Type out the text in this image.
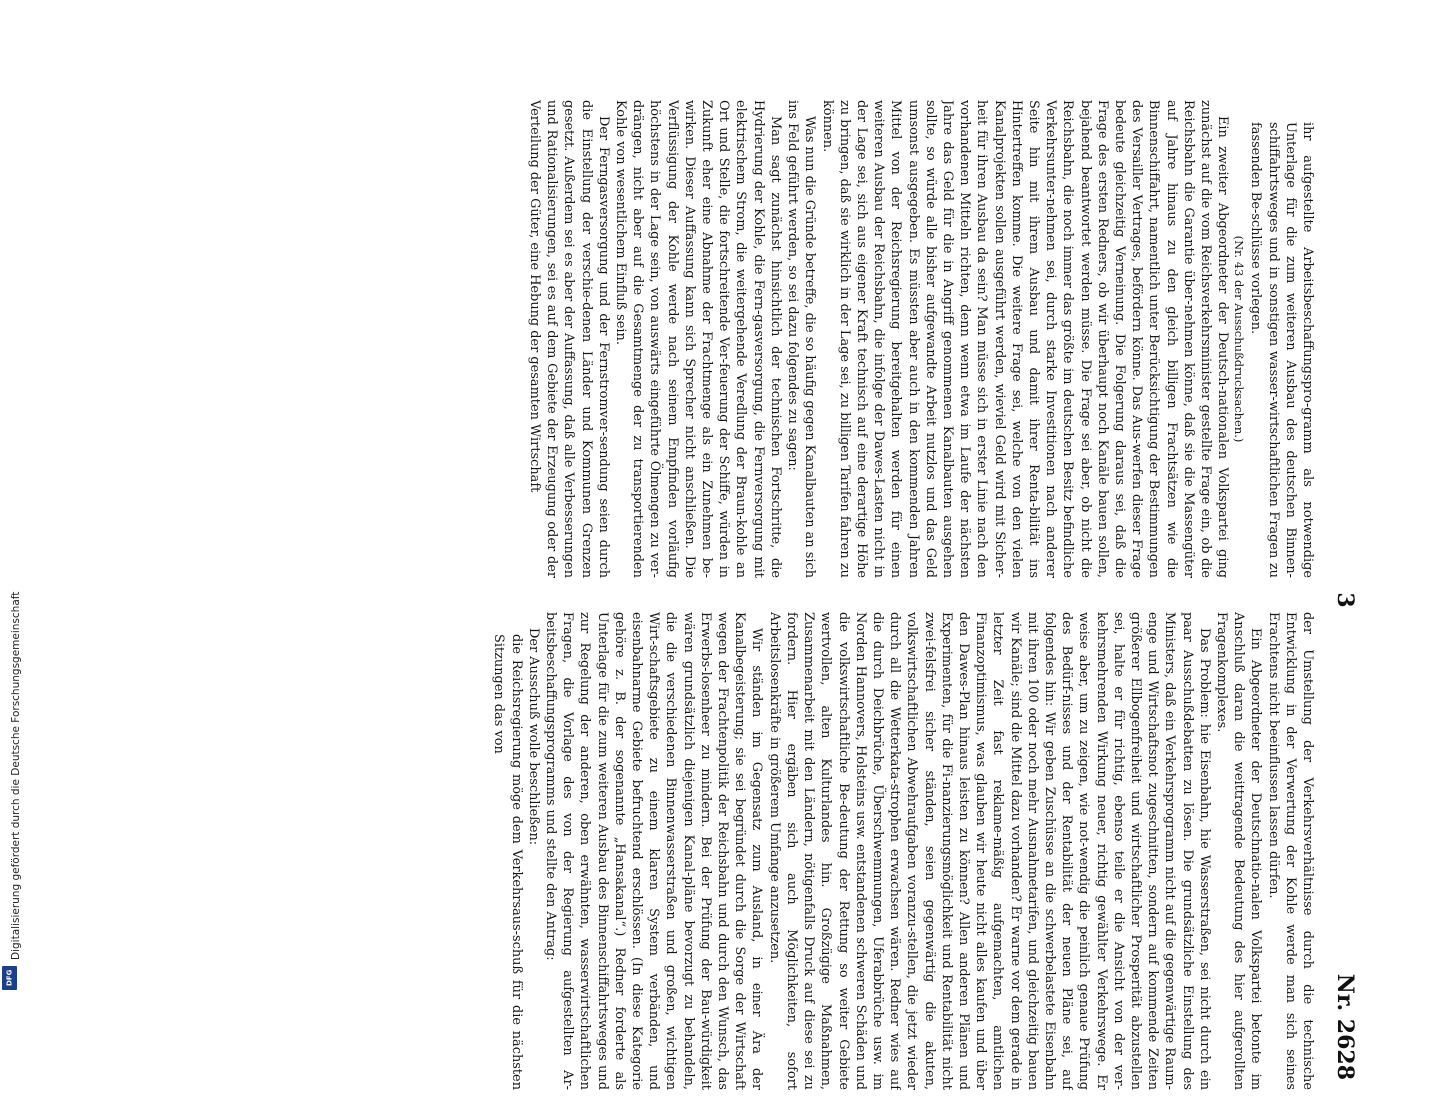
Digitalisierung gefördert durch die Deutsche Forschungsgemeinschaft
DFG
3
Nr. 2628

ihr aufgestellte Arbeitsbeschaffungspro-gramm als notwendige Unterlage für die zum weiteren Ausbau des deutschen Binnen-schiffahrtsweges und in sonstigen wasser-wirtschaftlichen Fragen zu fassenden Be-schlüsse vorlegen.

(Nr. 43 der Ausschußdrucksachen.)

Ein zweiter Abgeordneter der Deutsch-nationalen Volkspartei ging zunächst auf die vom Reichsverkehrsminister gestellte Frage ein, ob die Reichsbahn die Garantie über-nehmen könne, daß sie die Massengüter auf Jahre hinaus zu den gleich billigen Frachtsätzen wie die Binnenschiffahrt, namentlich unter Berücksichtigung der Bestimmungen des Versailler Vertrages, befördern könne. Das Aus-werfen dieser Frage bedeute gleichzeitig Verneinung. Die Folgerung daraus sei, daß die Frage des ersten Redners, ob wir überhaupt noch Kanäle bauen sollen, bejahend beantwortet werden müsse. Die Frage sei aber, ob nicht die Reichsbahn, die noch immer das größte im deutschen Besitz befindliche Verkehrsunter-nehmen sei, durch starke Investitionen nach anderer Seite hin mit ihrem Ausbau und damit ihrer Renta-bilität ins Hintertreffen komme. Die weitere Frage sei, welche von den vielen Kanalprojekten sollen ausgeführt werden, wieviel Geld wird mit Sicher-heit für ihren Ausbau da sein? Man müsse sich in erster Linie nach den vorhandenen Mitteln richten, denn wenn etwa im Laufe der nächsten Jahre das Geld für die in Angriff genommenen Kanalbauten ausgehen sollte, so würde alle bisher aufgewandte Arbeit nutzlos und das Geld umsonst ausgegeben. Es müssten aber auch in den kommenden Jahren Mittel von der Reichsregierung bereitgehalten werden für einen weiteren Ausbau der Reichsbahn, die infolge der Dawes-Lasten nicht in der Lage sei, sich aus eigener Kraft technisch auf eine derartige Höhe zu bringen, daß sie wirklich in der Lage sei, zu billigen Tarifen fahren zu können.

Was nun die Gründe betreffe, die so häufig gegen Kanalbauten an sich ins Feld geführt werden, so sei dazu folgendes zu sagen:

Man sagt zunächst hinsichtlich der technischen Fortschritte, die Hydrierung der Kohle, die Fern-gasversorgung, die Fernversorgung mit elektrischem Strom, die weitergehende Veredlung der Braun-kohle an Ort und Stelle, die fortschreitende Ver-feuerung der Schiffe, würden in Zukunft eher eine Abnahme der Frachtmenge als ein Zunehmen be-wirken. Dieser Auffassung kann sich Sprecher nicht anschließen. Die Verflüssigung der Kohle werde nach seinem Empfinden vorläufig höchstens in der Lage sein, von auswärts eingeführte Ölmengen zu ver-drängen, nicht aber auf die Gesamtmenge der zu transportierenden Kohle von wesentlichem Einfluß sein.

Der Ferngasversorgung und der Fernstromver-sendung seien durch die Einstellung der verschie-denen Länder und Kommunen Grenzen gesetzt. Außerdem sei es aber der Auffassung, daß alle Verbesserungen und Rationalisierungen, sei es auf dem Gebiete der Erzeugung oder der Verteilung der Güter, eine Hebung der gesamten Wirtschaft

der Umstellung der Verkehrsverhältnisse durch die technische Entwicklung in der Verwertung der Kohle werde man sich seines Erachtens nicht beeinflussen lassen dürfen.

Ein Abgeordneter der Deutschnatio-nalen Volkspartei betonte im Anschluß daran die weittragende Bedeutung des hier aufgerollten Fragenkomplexes.

Das Problem: hie Eisenbahn, hie Wasserstraßen, sei nicht durch ein paar Ausschußdebatten zu lösen. Die grundsätzliche Einstellung des Ministers, daß ein Verkehrsprogramm nicht auf die gegenwärtige Raum-enge und Wirtschaftsnot zugeschnitten, sondern auf kommende Zeiten größerer Ellbogenfreiheit und wirtschaftlicher Prosperität abzustellen sei, halte er für richtig, ebenso teile er die Ansicht von der ver-kehrsmehrenden Wirkung neuer, richtig gewählter Verkehrswege. Er weise aber, um zu zeigen, wie not-wendig die peinlich genaue Prüfung des Bedürf-nisses und der Rentabilität der neuen Pläne sei, auf folgendes hin: Wir geben Zuschüsse an die schwerbelastete Eisenbahn mit ihren 100 oder noch mehr Ausnahmetarifen, und gleichzeitig bauen wir Kanäle; sind die Mittel dazu vorhanden? Er warne vor dem gerade in letzter Zeit fast reklame-mäßig aufgemachten, amtlichen Finanzoptimismus, was glauben wir heute nicht alles kaufen und über den Dawes-Plan hinaus leisten zu können? Allen anderen Plänen und Experimenten, für die Fi-nanzierungsmöglichkeit und Rentabilität nicht zwei-felsfrei sicher ständen, seien gegenwärtig die akuten, volkswirtschaftlichen Abwehraufgaben voranzu-stellen, die jetzt wieder durch all die Wetterkata-strophen erwachsen wären. Redner wies auf die durch Deichbrüche, Überschwemmungen, Uferabbrüche usw. im Norden Hannovers, Holsteins usw. entstandenen schweren Schäden und die volkswirtschaftliche Be-deutung der Rettung so weiter Gebiete wertvollen, alten Kulturlandes hin. Großzügige Maßnahmen, Zusammenarbeit mit den Ländern, nötigenfalls Druck auf diese sei zu fordern. Hier ergäben sich auch Möglichkeiten, sofort Arbeitslosenkräfte in größerem Umfange anzusetzen.

Wir ständen im Gegensatz zum Ausland, in einer Ära der Kanalbegeisterung; sie sei begründet durch die Sorge der Wirtschaft wegen der Frachtenpolitik der Reichsbahn und durch den Wunsch, das Erwerbs-losenheer zu mindern. Bei der Prüfung der Bau-würdigkeit wären grundsätzlich diejenigen Kanal-pläne bevorzugt zu behandeln, die die verschiedenen Binnenwasserstraßen und großen, wichtigen Wirt-schaftsgebiete zu einem klaren System verbänden, und eisenbahnarme Gebiete befruchtend erschlössen. (In diese Kategorie gehöre z. B. der sogenannte „Hansakanal“.) Redner forderte als Unterlage für die zum weiteren Ausbau des Binnenschiffahrtsweges und zur Regelung der anderen, oben erwähnten, wasserwirtschaftlichen Fragen, die Vorlage des von der Regierung aufgestellten Ar-beitsbeschaffungsprogramms und stellte den Antrag:

Der Ausschuß wolle beschließen:

die Reichsregierung möge dem Verkehrsaus-schuß für die nächsten Sitzungen das von
